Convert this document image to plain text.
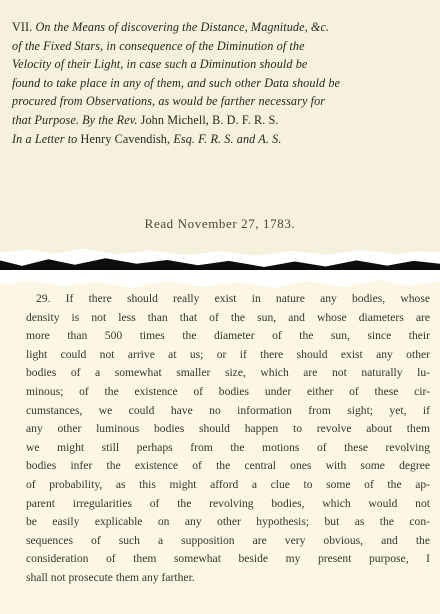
VII. On the Means of discovering the Distance, Magnitude, &c.
of the Fixed Stars, in consequence of the Diminution of the
Velocity of their Light, in case such a Diminution should be
found to take place in any of them, and such other Data should be
procured from Observations, as would be farther necessary for
that Purpose. By the Rev. John Michell, B. D. F. R. S.
In a Letter to Henry Cavendish, Esq. F. R. S. and A. S.
Read November 27, 1783.
29. If there should really exist in nature any bodies, whose
density is not less than that of the sun, and whose diameters are
more than 500 times the diameter of the sun, since their
light could not arrive at us; or if there should exist any other
bodies of a somewhat smaller size, which are not naturally lu-
minous; of the existence of bodies under either of these cir-
cumstances, we could have no information from sight; yet, if
any other luminous bodies should happen to revolve about them
we might still perhaps from the motions of these revolving
bodies infer the existence of the central ones with some degree
of probability, as this might afford a clue to some of the ap-
parent irregularities of the revolving bodies, which would not
be easily explicable on any other hypothesis; but as the con-
sequences of such a supposition are very obvious, and the
consideration of them somewhat beside my present purpose, I
shall not prosecute them any farther.
